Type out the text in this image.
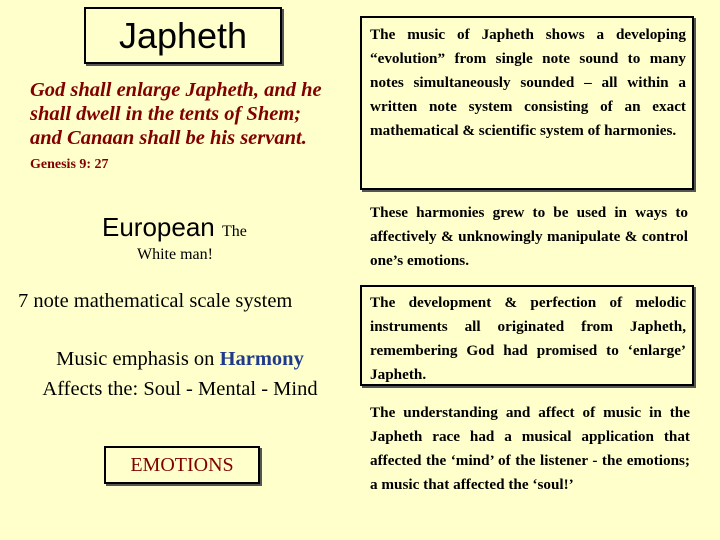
Japheth
God shall enlarge Japheth, and he shall dwell in the tents of Shem; and Canaan shall be his servant. Genesis 9: 27
European The
White man!
7 note mathematical scale system
Music emphasis on Harmony
Affects the: Soul - Mental - Mind
EMOTIONS
The music of Japheth shows a developing “evolution” from single note sound to many notes simultaneously sounded – all within a written note system consisting of an exact mathematical & scientific system of harmonies.
These harmonies grew to be used in ways to affectively & unknowingly manipulate & control one’s emotions.
The development & perfection of melodic instruments all originated from Japheth, remembering God had promised to ‘enlarge’ Japheth.
The understanding and affect of music in the Japheth race had a musical application that affected the ‘mind’ of the listener - the emotions; a music that affected the ‘soul!’
